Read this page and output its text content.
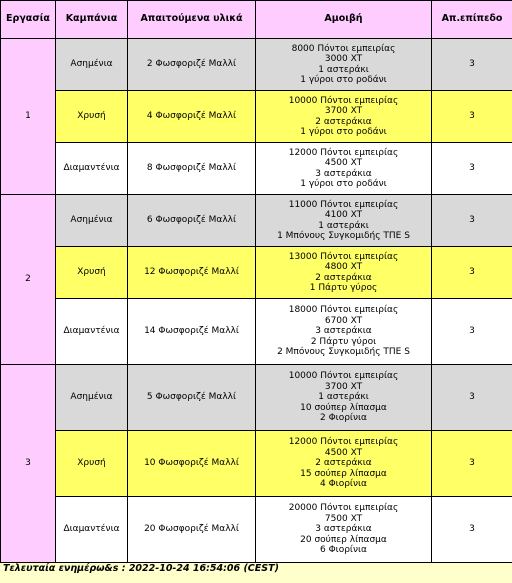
Εργασία	Καμπάνια	Απαιτούμενα υλικά	Αμοιβή	Απ.επίπεδο
1	Ασημένια	2 Φωσφοριζέ Μαλλί	8000 Πόντοι εμπειρίας
3000 XT
1 αστεράκι
1 γύροι στο ροδάνι	3
	Χρυσή	4 Φωσφοριζέ Μαλλί	10000 Πόντοι εμπειρίας
3700 XT
2 αστεράκια
1 γύροι στο ροδάνι	3
	Διαμαντένια	8 Φωσφοριζέ Μαλλί	12000 Πόντοι εμπειρίας
4500 XT
3 αστεράκια
1 γύροι στο ροδάνι	3
2	Ασημένια	6 Φωσφοριζέ Μαλλί	11000 Πόντοι εμπειρίας
4100 XT
1 αστεράκι
1 Μπόνους Συγκομιδής ΤΠΕ S	3
	Χρυσή	12 Φωσφοριζέ Μαλλί	13000 Πόντοι εμπειρίας
4800 XT
2 αστεράκια
1 Πάρτυ γύρος	3
	Διαμαντένια	14 Φωσφοριζέ Μαλλί	18000 Πόντοι εμπειρίας
6700 XT
3 αστεράκια
2 Πάρτυ γύροι
2 Μπόνους Συγκομιδής ΤΠΕ S	3
3	Ασημένια	5 Φωσφοριζέ Μαλλί	10000 Πόντοι εμπειρίας
3700 XT
1 αστεράκι
10 σούπερ λίπασμα
2 Φιορίνια	3
	Χρυσή	10 Φωσφοριζέ Μαλλί	12000 Πόντοι εμπειρίας
4500 XT
2 αστεράκια
15 σούπερ λίπασμα
4 Φιορίνια	3
	Διαμαντένια	20 Φωσφοριζέ Μαλλί	20000 Πόντοι εμπειρίας
7500 XT
3 αστεράκια
20 σούπερ λίπασμα
6 Φιορίνια	3
Τελευταία ενημέρω&s : 2022-10-24 16:54:06 (CEST)
